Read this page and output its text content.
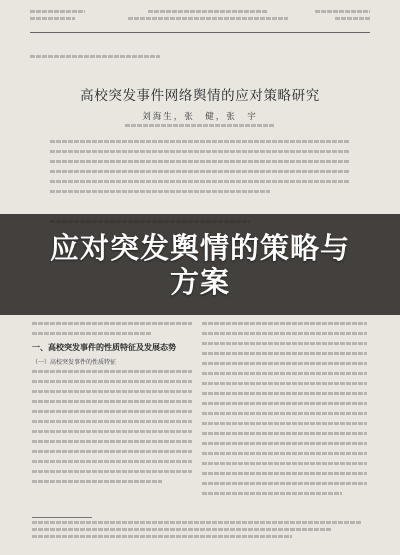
高校突发事件网络舆情的应对策略研究
刘海生，张　健，张　宇
应对突发舆情的策略与方案
一、高校突发事件的性质特征及发展态势
（一）高校突发事件的性质特征
